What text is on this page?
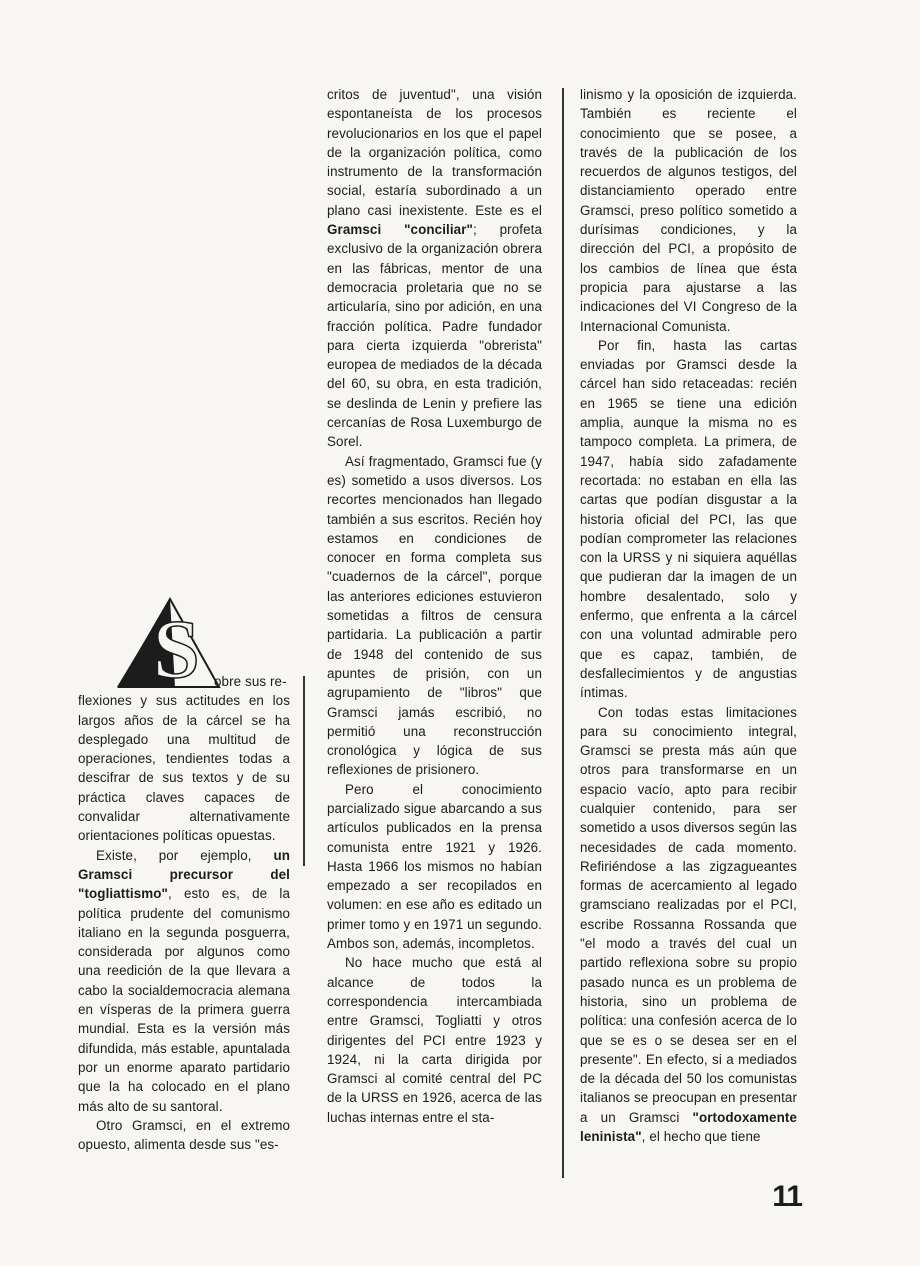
S	obre sus re-
flexiones y sus actitudes en los largos años de la cárcel se ha desplegado una multitud de operaciones, tendientes todas a descifrar de sus textos y de su práctica claves capaces de convalidar alternativamente orientaciones políticas opuestas.

Existe, por ejemplo, un Gramsci precursor del "togliattismo", esto es, de la política prudente del comunismo italiano en la segunda posguerra, considerada por algunos como una reedición de la que llevara a cabo la socialdemocracia alemana en vísperas de la primera guerra mundial. Esta es la versión más difundida, más estable, apuntalada por un enorme aparato partidario que la ha colocado en el plano más alto de su santoral.

Otro Gramsci, en el extremo opuesto, alimenta desde sus "es-

critos de juventud", una visión espontaneísta de los procesos revolucionarios en los que el papel de la organización política, como instrumento de la transformación social, estaría subordinado a un plano casi inexistente. Este es el Gramsci "conciliar"; profeta exclusivo de la organización obrera en las fábricas, mentor de una democracia proletaria que no se articularía, sino por adición, en una fracción política. Padre fundador para cierta izquierda "obrerista" europea de mediados de la década del 60, su obra, en esta tradición, se deslinda de Lenin y prefiere las cercanías de Rosa Luxemburgo de Sorel.

Así fragmentado, Gramsci fue (y es) sometido a usos diversos. Los recortes mencionados han llegado también a sus escritos. Recién hoy estamos en condiciones de conocer en forma completa sus "cuadernos de la cárcel", porque las anteriores ediciones estuvieron sometidas a filtros de censura partidaria. La publicación a partir de 1948 del contenido de sus apuntes de prisión, con un agrupamiento de "libros" que Gramsci jamás escribió, no permitió una reconstrucción cronológica y lógica de sus reflexiones de prisionero.

Pero el conocimiento parcializado sigue abarcando a sus artículos publicados en la prensa comunista entre 1921 y 1926. Hasta 1966 los mismos no habían empezado a ser recopilados en volumen: en ese año es editado un primer tomo y en 1971 un segundo. Ambos son, además, incompletos.

No hace mucho que está al alcance de todos la correspondencia intercambiada entre Gramsci, Togliatti y otros dirigentes del PCI entre 1923 y 1924, ni la carta dirigida por Gramsci al comité central del PC de la URSS en 1926, acerca de las luchas internas entre el sta-

linismo y la oposición de izquierda. También es reciente el conocimiento que se posee, a través de la publicación de los recuerdos de algunos testigos, del distanciamiento operado entre Gramsci, preso político sometido a durísimas condiciones, y la dirección del PCI, a propósito de los cambios de línea que ésta propicia para ajustarse a las indicaciones del VI Congreso de la Internacional Comunista.

Por fin, hasta las cartas enviadas por Gramsci desde la cárcel han sido retaceadas: recién en 1965 se tiene una edición amplia, aunque la misma no es tampoco completa. La primera, de 1947, había sido zafadamente recortada: no estaban en ella las cartas que podían disgustar a la historia oficial del PCI, las que podían comprometer las relaciones con la URSS y ni siquiera aquéllas que pudieran dar la imagen de un hombre desalentado, solo y enfermo, que enfrenta a la cárcel con una voluntad admirable pero que es capaz, también, de desfallecimientos y de angustias íntimas.

Con todas estas limitaciones para su conocimiento integral, Gramsci se presta más aún que otros para transformarse en un espacio vacío, apto para recibir cualquier contenido, para ser sometido a usos diversos según las necesidades de cada momento. Refiriéndose a las zigzagueantes formas de acercamiento al legado gramsciano realizadas por el PCI, escribe Rossanna Rossanda que "el modo a través del cual un partido reflexiona sobre su propio pasado nunca es un problema de historia, sino un problema de política: una confesión acerca de lo que se es o se desea ser en el presente". En efecto, si a mediados de la década del 50 los comunistas italianos se preocupan en presentar a un Gramsci "ortodoxamente leninista", el hecho que tiene

11
